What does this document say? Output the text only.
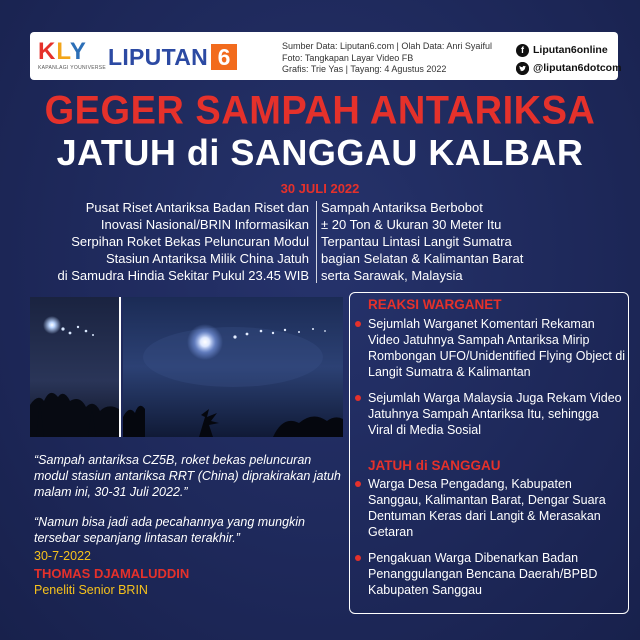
KLY
KAPANLAGI YOUNIVERSE LIPUTAN 6	Sumber Data: Liputan6.com | Olah Data: Anri Syaiful
Foto: Tangkapan Layar Video FB
Grafis: Trie Yas | Tayang: 4 Agustus 2022
f Liputan6online
@liputan6dotcom
GEGER SAMPAH ANTARIKSA
JATUH di SANGGAU KALBAR
30 JULI 2022
Pusat Riset Antariksa Badan Riset dan
Inovasi Nasional/BRIN Informasikan
Serpihan Roket Bekas Peluncuran Modul
Stasiun Antariksa Milik China Jatuh
di Samudra Hindia Sekitar Pukul 23.45 WIB
Sampah Antariksa Berbobot
± 20 Ton & Ukuran 30 Meter Itu
Terpantau Lintasi Langit Sumatra
bagian Selatan & Kalimantan Barat
serta Sarawak, Malaysia
“Sampah antariksa CZ5B, roket bekas peluncuran modul stasiun antariksa RRT (China) diprakirakan jatuh malam ini, 30-31 Juli 2022.”
“Namun bisa jadi ada pecahannya yang mungkin tersebar sepanjang lintasan terakhir.”
30-7-2022
THOMAS DJAMALUDDIN
Peneliti Senior BRIN
REAKSI WARGANET
Sejumlah Warganet Komentari Rekaman Video Jatuhnya Sampah Antariksa Mirip Rombongan UFO/Unidentified Flying Object di Langit Sumatra & Kalimantan
Sejumlah Warga Malaysia Juga Rekam Video Jatuhnya Sampah Antariksa Itu, sehingga Viral di Media Sosial
JATUH di SANGGAU
Warga Desa Pengadang, Kabupaten Sanggau, Kalimantan Barat, Dengar Suara Dentuman Keras dari Langit & Merasakan Getaran
Pengakuan Warga Dibenarkan Badan Penanggulangan Bencana Daerah/BPBD Kabupaten Sanggau
